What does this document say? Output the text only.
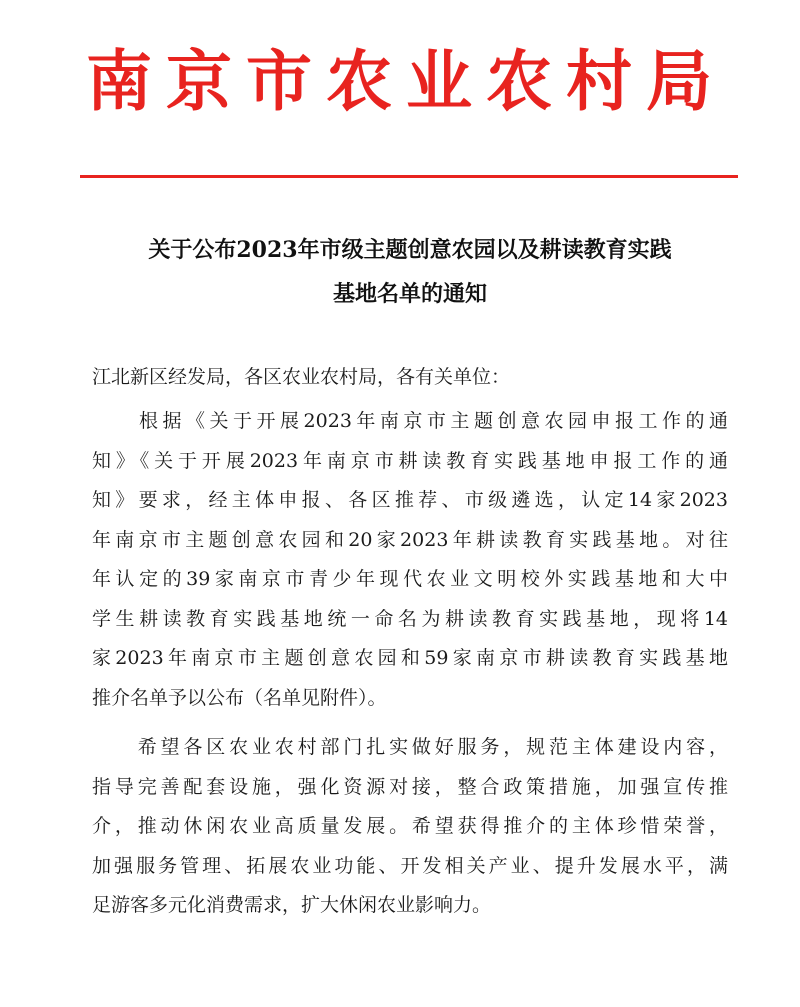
南京市农业农村局
关于公布2023年市级主题创意农园以及耕读教育实践
基地名单的通知
江北新区经发局，各区农业农村局，各有关单位：
　　根据《关于开展2023年南京市主题创意农园申报工作的通
知》《关于开展2023年南京市耕读教育实践基地申报工作的通
知》要求，经主体申报、各区推荐、市级遴选，认定14家2023
年南京市主题创意农园和20家2023年耕读教育实践基地。对往
年认定的39家南京市青少年现代农业文明校外实践基地和大中
学生耕读教育实践基地统一命名为耕读教育实践基地，现将14
家2023年南京市主题创意农园和59家南京市耕读教育实践基地
推介名单予以公布（名单见附件）。
　　希望各区农业农村部门扎实做好服务，规范主体建设内容，
指导完善配套设施，强化资源对接，整合政策措施，加强宣传推
介，推动休闲农业高质量发展。希望获得推介的主体珍惜荣誉，
加强服务管理、拓展农业功能、开发相关产业、提升发展水平，满
足游客多元化消费需求，扩大休闲农业影响力。
